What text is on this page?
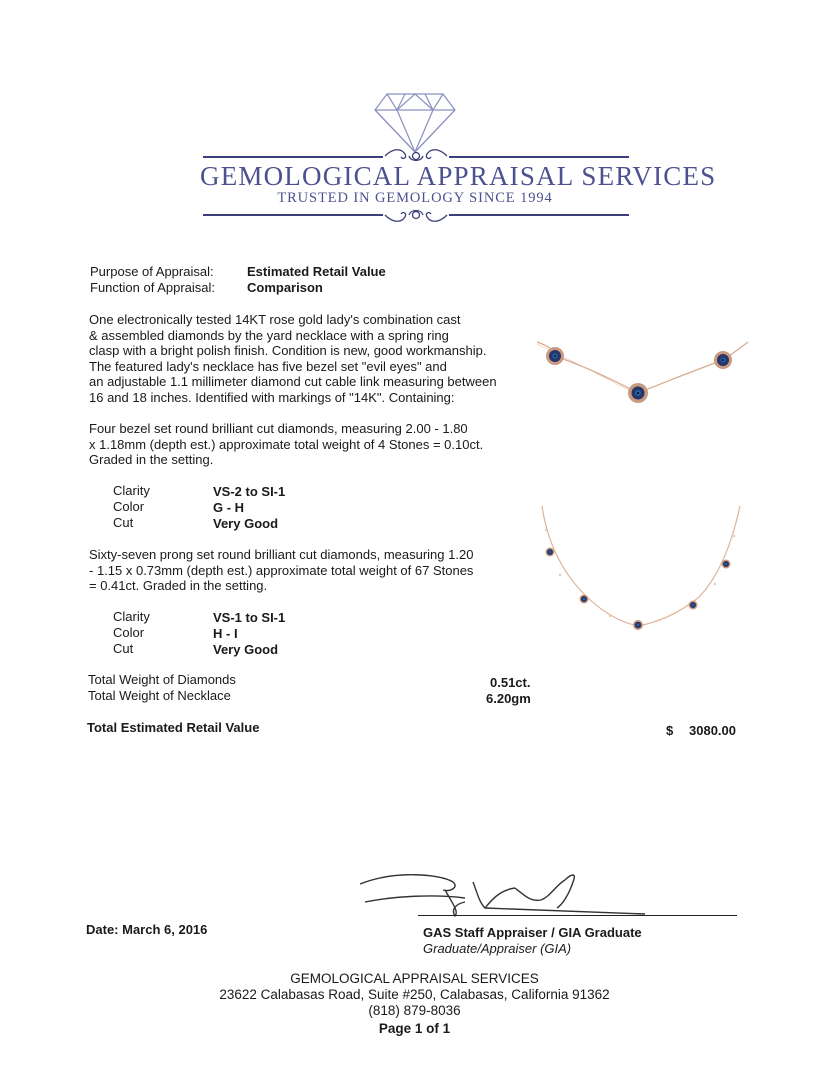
GEMOLOGICAL APPRAISAL SERVICES
TRUSTED IN GEMOLOGY SINCE 1994
Purpose of Appraisal:	Estimated Retail Value
Function of Appraisal: Comparison
One electronically tested 14KT rose gold lady's combination cast
& assembled diamonds by the yard necklace with a spring ring
clasp with a bright polish finish. Condition is new, good workmanship.
The featured lady's necklace has five bezel set "evil eyes" and
an adjustable 1.1 millimeter diamond cut cable link measuring between
16 and 18 inches. Identified with markings of "14K". Containing:
Four bezel set round brilliant cut diamonds, measuring 2.00 - 1.80
x 1.18mm (depth est.) approximate total weight of 4 Stones = 0.10ct.
Graded in the setting.
Clarity	VS-2 to SI-1
Color	G - H
Cut	Very Good
Sixty-seven prong set round brilliant cut diamonds, measuring 1.20
- 1.15 x 0.73mm (depth est.) approximate total weight of 67 Stones
= 0.41ct. Graded in the setting.
Clarity	VS-1 to SI-1
Color	H - I
Cut	Very Good
Total Weight of Diamonds	0.51ct.
Total Weight of Necklace	6.20gm
Total Estimated Retail Value	$ 3080.00
Date: March 6, 2016	GAS Staff Appraiser / GIA Graduate
Graduate/Appraiser (GIA)
GEMOLOGICAL APPRAISAL SERVICES
23622 Calabasas Road, Suite #250, Calabasas, California 91362
(818) 879-8036
Page 1 of 1
